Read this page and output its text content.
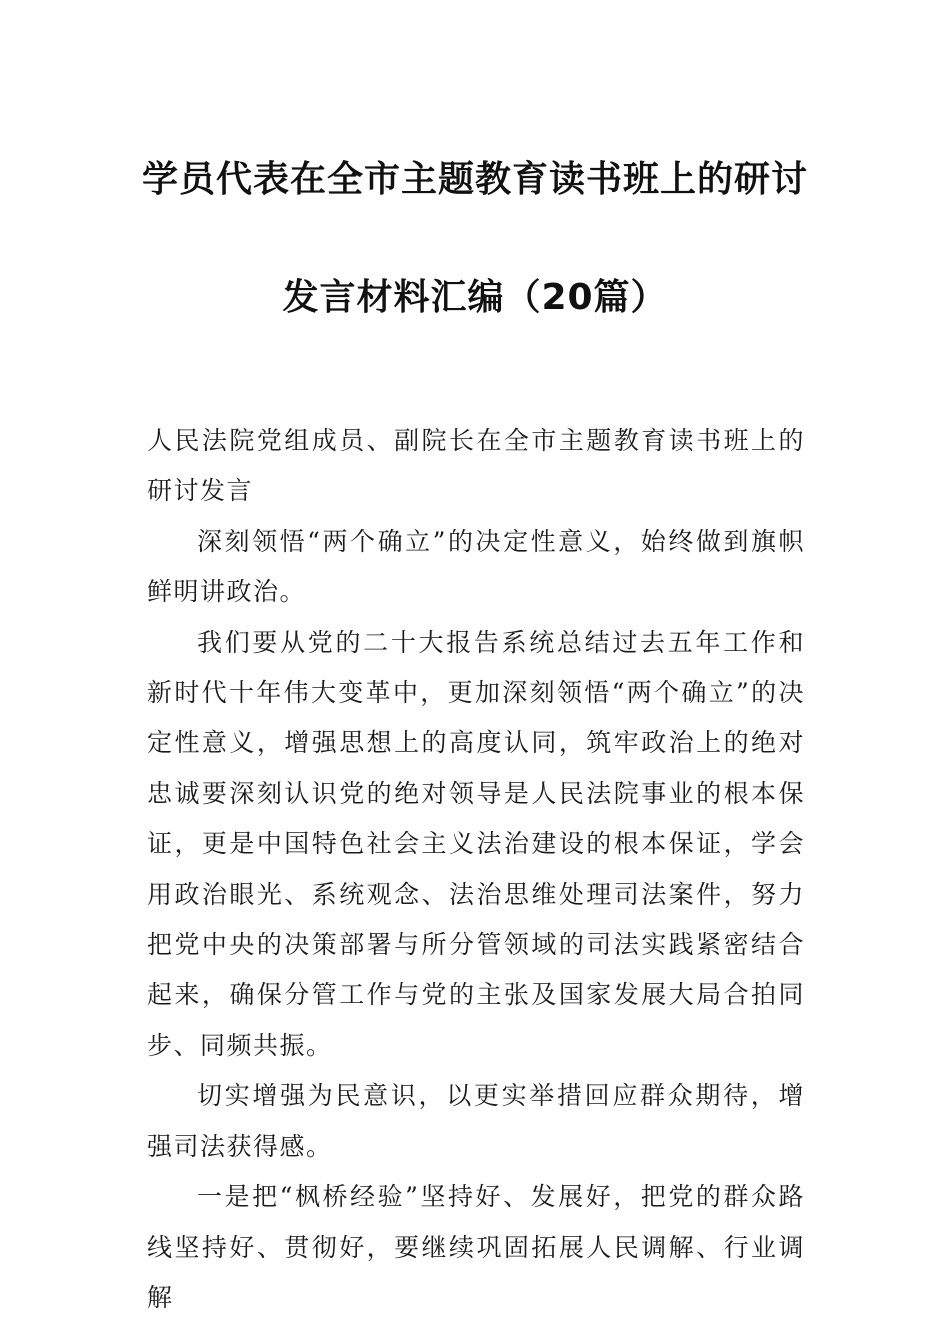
学员代表在全市主题教育读书班上的研讨
发言材料汇编（20篇）

人民法院党组成员、副院长在全市主题教育读书班上的研讨发言

深刻领悟“两个确立”的决定性意义，始终做到旗帜鲜明讲政治。

我们要从党的二十大报告系统总结过去五年工作和新时代十年伟大变革中，更加深刻领悟“两个确立”的决定性意义，增强思想上的高度认同，筑牢政治上的绝对忠诚要深刻认识党的绝对领导是人民法院事业的根本保证，更是中国特色社会主义法治建设的根本保证，学会用政治眼光、系统观念、法治思维处理司法案件，努力把党中央的决策部署与所分管领域的司法实践紧密结合起来，确保分管工作与党的主张及国家发展大局合拍同步、同频共振。

切实增强为民意识，以更实举措回应群众期待，增强司法获得感。

一是把“枫桥经验”坚持好、发展好，把党的群众路线坚持好、贯彻好，要继续巩固拓展人民调解、行业调解
